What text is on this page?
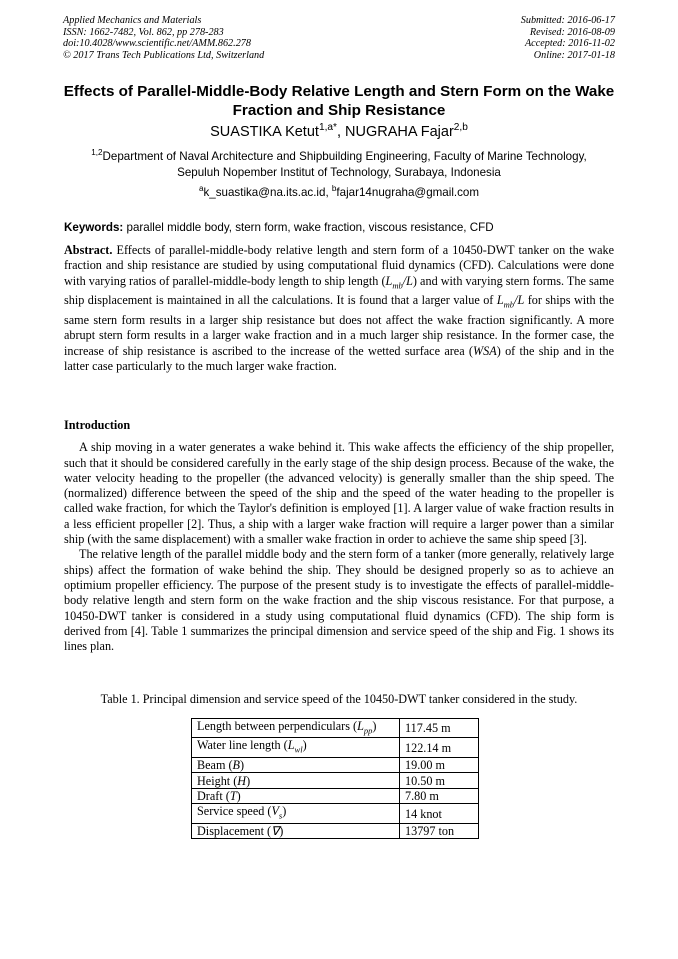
Applied Mechanics and Materials
ISSN: 1662-7482, Vol. 862, pp 278-283
doi:10.4028/www.scientific.net/AMM.862.278
© 2017 Trans Tech Publications Ltd, Switzerland
Submitted: 2016-06-17
Revised: 2016-08-09
Accepted: 2016-11-02
Online: 2017-01-18
Effects of Parallel-Middle-Body Relative Length and Stern Form on the Wake Fraction and Ship Resistance
SUASTIKA Ketut$^{1,a*}$, NUGRAHA Fajar$^{2,b}$
$^{1,2}$Department of Naval Architecture and Shipbuilding Engineering, Faculty of Marine Technology,
Sepuluh Nopember Institut of Technology, Surabaya, Indonesia
$^a$k_suastika@na.its.ac.id, $^b$fajar14nugraha@gmail.com
Keywords: parallel middle body, stern form, wake fraction, viscous resistance, CFD

Abstract. Effects of parallel-middle-body relative length and stern form of a 10450-DWT tanker on the wake fraction and ship resistance are studied by using computational fluid dynamics (CFD). Calculations were done with varying ratios of parallel-middle-body length to ship length $(L_{mb}/L)$ and with varying stern forms. The same ship displacement is maintained in all the calculations. It is found that a larger value of $L_{mb}/L$ for ships with the same stern form results in a larger ship resistance but does not affect the wake fraction significantly. A more abrupt stern form results in a larger wake fraction and in a much larger ship resistance. In the former case, the increase of ship resistance is ascribed to the increase of the wetted surface area (WSA) of the ship and in the latter case particularly to the much larger wake fraction.

Introduction

A ship moving in a water generates a wake behind it. This wake affects the efficiency of the ship propeller, such that it should be considered carefully in the early stage of the ship design process. Because of the wake, the water velocity heading to the propeller (the advanced velocity) is generally smaller than the ship speed. The (normalized) difference between the speed of the ship and the speed of the water heading to the propeller is called wake fraction, for which the Taylor's definition is employed [1]. A larger value of wake fraction results in a less efficient propeller [2]. Thus, a ship with a larger wake fraction will require a larger power than a similar ship (with the same displacement) with a smaller wake fraction in order to achieve the same ship speed [3].

The relative length of the parallel middle body and the stern form of a tanker (more generally, relatively large ships) affect the formation of wake behind the ship. They should be designed properly so as to achieve an optimium propeller efficiency. The purpose of the present study is to investigate the effects of parallel-middle-body relative length and stern form on the wake fraction and the ship viscous resistance. For that purpose, a 10450-DWT tanker is considered in a study using computational fluid dynamics (CFD). The ship form is derived from [4]. Table 1 summarizes the principal dimension and service speed of the ship and Fig. 1 shows its lines plan.

Table 1. Principal dimension and service speed of the 10450-DWT tanker considered in the study.
Length between perpendiculars $(L_{pp})$	117.45 m
Water line length $(L_{wl})$	122.14 m
Beam (B)	19.00 m
Height (H)	10.50 m
Draft (T)	7.80 m
Service speed $(V_s)$	14 knot
Displacement (∇)	13797 ton
